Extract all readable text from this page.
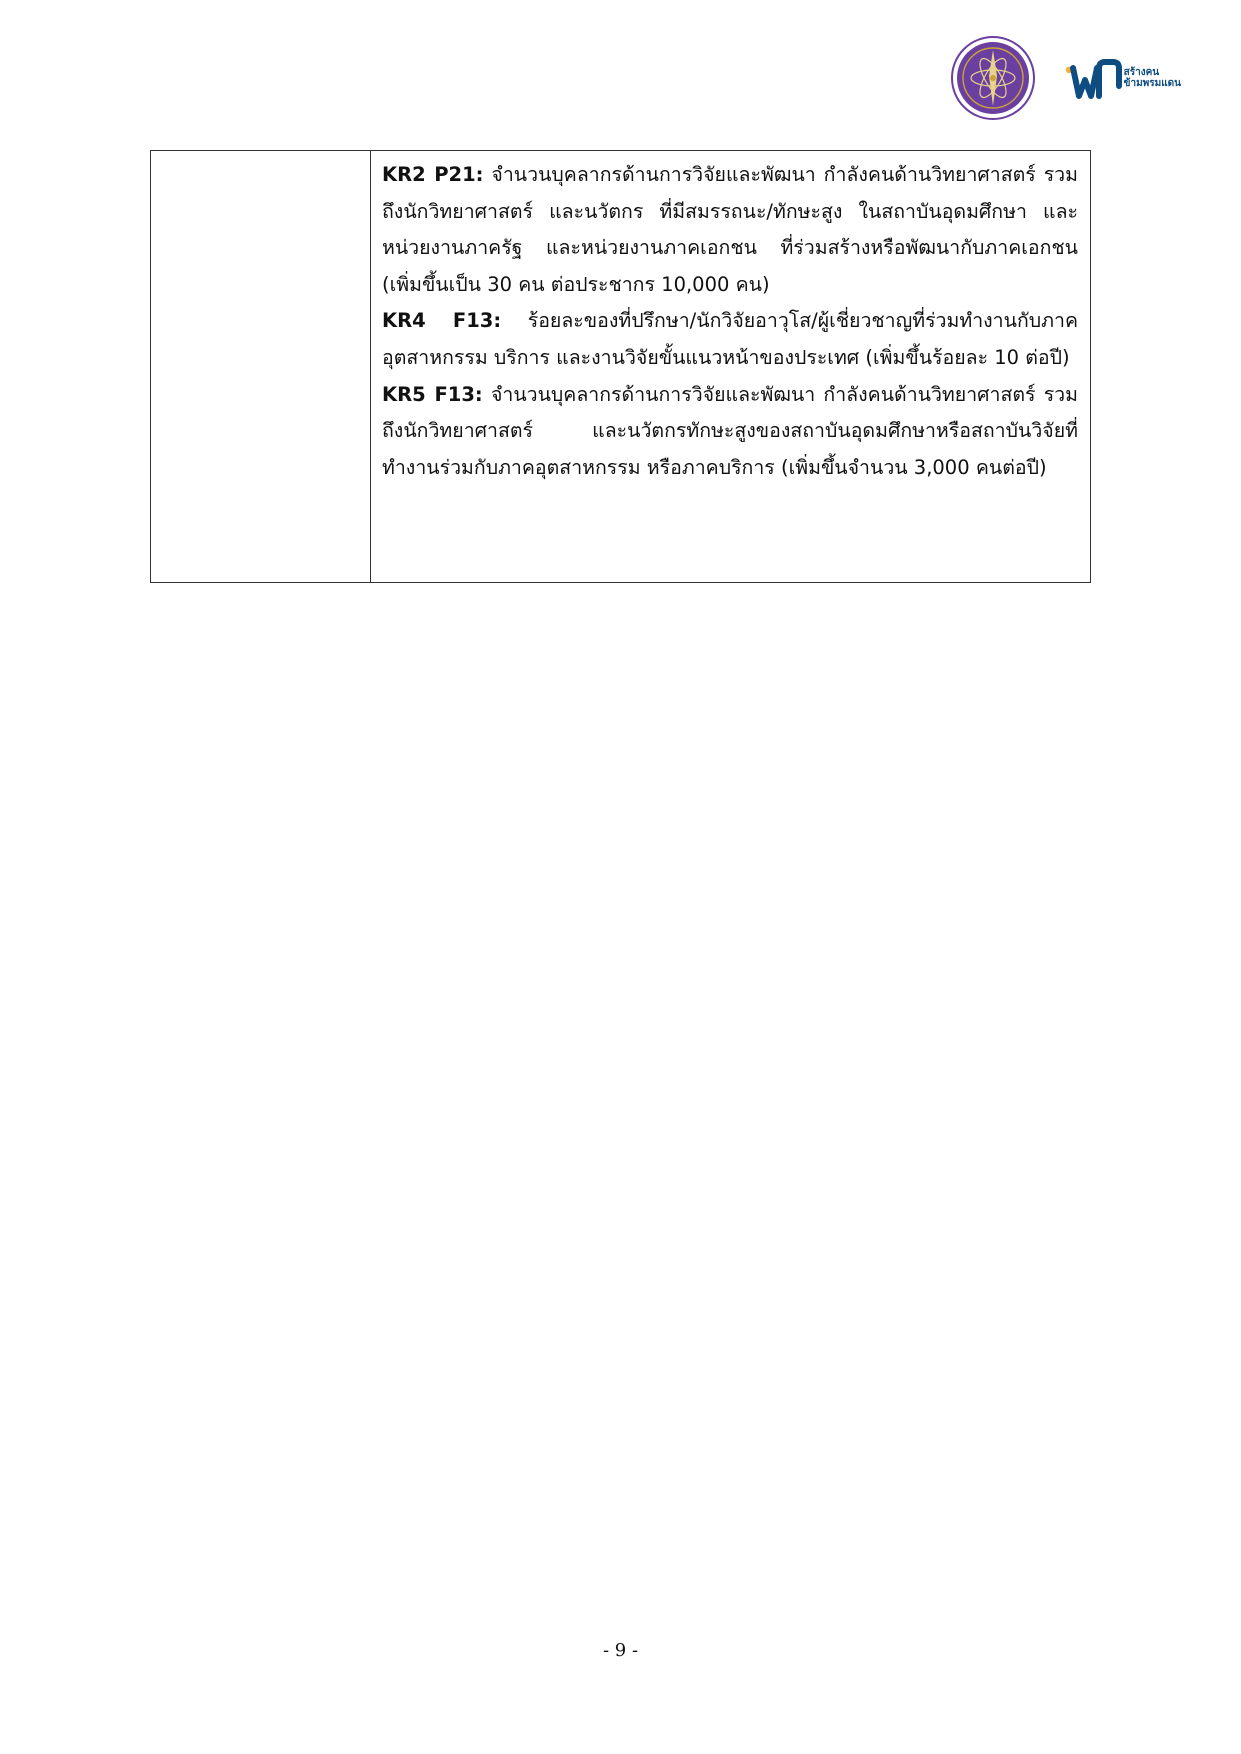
สร้างคน
ข้ามพรมแดน

KR2 P21: จำนวนบุคลากรด้านการวิจัยและพัฒนา กำลังคนด้านวิทยาศาสตร์ รวมถึงนักวิทยาศาสตร์ และนวัตกร ที่มีสมรรถนะ/ทักษะสูง ในสถาบันอุดมศึกษา และหน่วยงานภาครัฐ และหน่วยงานภาคเอกชน ที่ร่วมสร้างหรือพัฒนากับภาคเอกชน (เพิ่มขึ้นเป็น 30 คน ต่อประชากร 10,000 คน)

KR4 F13: ร้อยละของที่ปรึกษา/นักวิจัยอาวุโส/ผู้เชี่ยวชาญที่ร่วมทำงานกับภาคอุตสาหกรรม บริการ และงานวิจัยขั้นแนวหน้าของประเทศ (เพิ่มขึ้นร้อยละ 10 ต่อปี)

KR5 F13: จำนวนบุคลากรด้านการวิจัยและพัฒนา กำลังคนด้านวิทยาศาสตร์ รวมถึงนักวิทยาศาสตร์ และนวัตกรทักษะสูงของสถาบันอุดมศึกษาหรือสถาบันวิจัยที่ทำงานร่วมกับภาคอุตสาหกรรม หรือภาคบริการ (เพิ่มขึ้นจำนวน 3,000 คนต่อปี)

- 9 -
